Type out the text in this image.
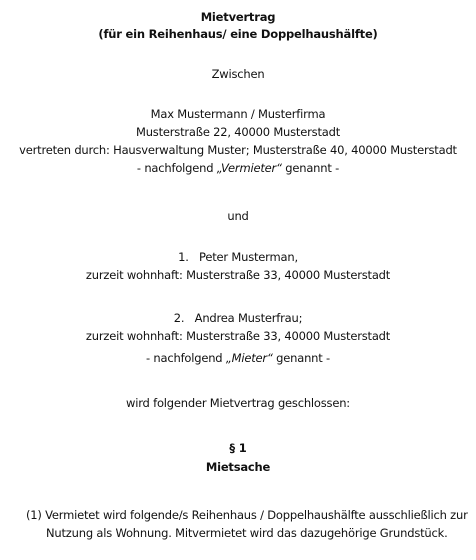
Mietvertrag
(für ein Reihenhaus/ eine Doppelhaushälfte)
Zwischen
Max Mustermann / Musterfirma
Musterstraße 22, 40000 Musterstadt
vertreten durch: Hausverwaltung Muster; Musterstraße 40, 40000 Musterstadt
- nachfolgend „Vermieter“ genannt -
und
1. Peter Musterman,
zurzeit wohnhaft: Musterstraße 33, 40000 Musterstadt
2. Andrea Musterfrau;
zurzeit wohnhaft: Musterstraße 33, 40000 Musterstadt
- nachfolgend „Mieter“ genannt -
wird folgender Mietvertrag geschlossen:
§ 1
Mietsache
(1) Vermietet wird folgende/s Reihenhaus / Doppelhaushälfte ausschließlich zur
Nutzung als Wohnung. Mitvermietet wird das dazugehörige Grundstück.
